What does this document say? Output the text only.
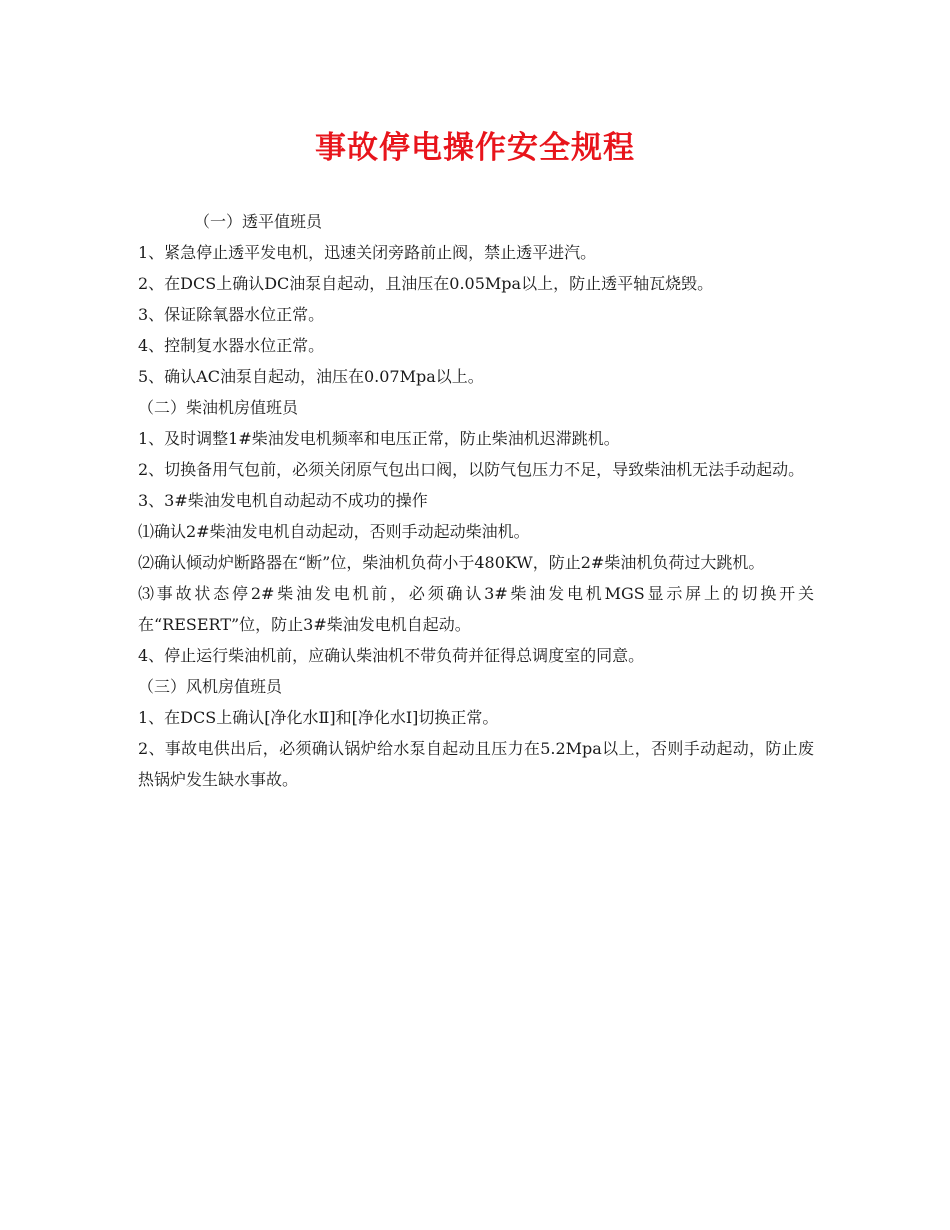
事故停电操作安全规程
（一）透平值班员
1、紧急停止透平发电机，迅速关闭旁路前止阀，禁止透平进汽。
2、在DCS上确认DC油泵自起动，且油压在0.05Mpa以上，防止透平轴瓦烧毁。
3、保证除氧器水位正常。
4、控制复水器水位正常。
5、确认AC油泵自起动，油压在0.07Mpa以上。
（二）柴油机房值班员
1、及时调整1#柴油发电机频率和电压正常，防止柴油机迟滞跳机。
2、切换备用气包前，必须关闭原气包出口阀，以防气包压力不足，导致柴油机无法手动起动。
3、3#柴油发电机自动起动不成功的操作
⑴确认2#柴油发电机自动起动，否则手动起动柴油机。
⑵确认倾动炉断路器在“断”位，柴油机负荷小于480KW，防止2#柴油机负荷过大跳机。
⑶事故状态停2#柴油发电机前，必须确认3#柴油发电机MGS显示屏上的切换开关在“RESERT”位，防止3#柴油发电机自起动。
4、停止运行柴油机前，应确认柴油机不带负荷并征得总调度室的同意。
（三）风机房值班员
1、在DCS上确认[净化水Ⅱ]和[净化水Ⅰ]切换正常。
2、事故电供出后，必须确认锅炉给水泵自起动且压力在5.2Mpa以上，否则手动起动，防止废热锅炉发生缺水事故。
